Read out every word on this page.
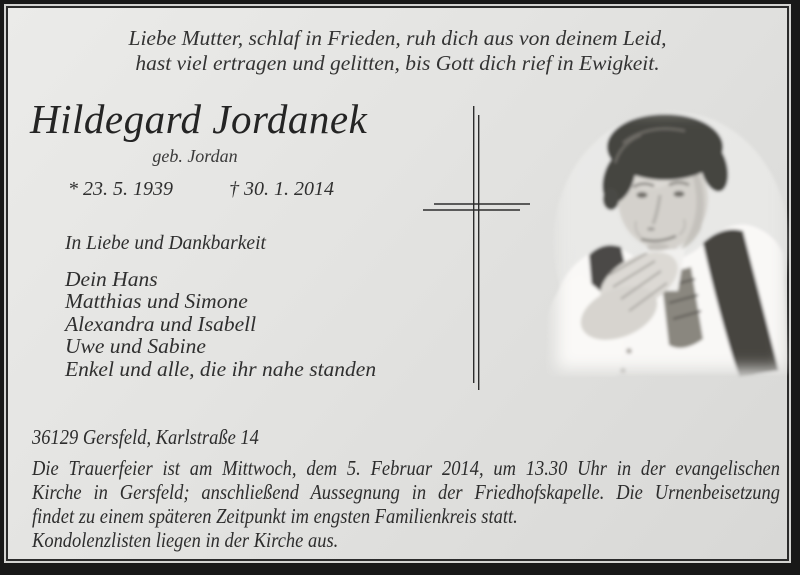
Liebe Mutter, schlaf in Frieden, ruh dich aus von deinem Leid,
hast viel ertragen und gelitten, bis Gott dich rief in Ewigkeit.
Hildegard Jordanek
geb. Jordan
* 23. 5. 1939	† 30. 1. 2014
In Liebe und Dankbarkeit
Dein Hans
Matthias und Simone
Alexandra und Isabell
Uwe und Sabine
Enkel und alle, die ihr nahe standen
36129 Gersfeld, Karlstraße 14
Die Trauerfeier ist am Mittwoch, dem 5. Februar 2014, um 13.30 Uhr in der evangelischen
Kirche in Gersfeld; anschließend Aussegnung in der Friedhofskapelle. Die Urnenbeisetzung
findet zu einem späteren Zeitpunkt im engsten Familienkreis statt.
Kondolenzlisten liegen in der Kirche aus.
